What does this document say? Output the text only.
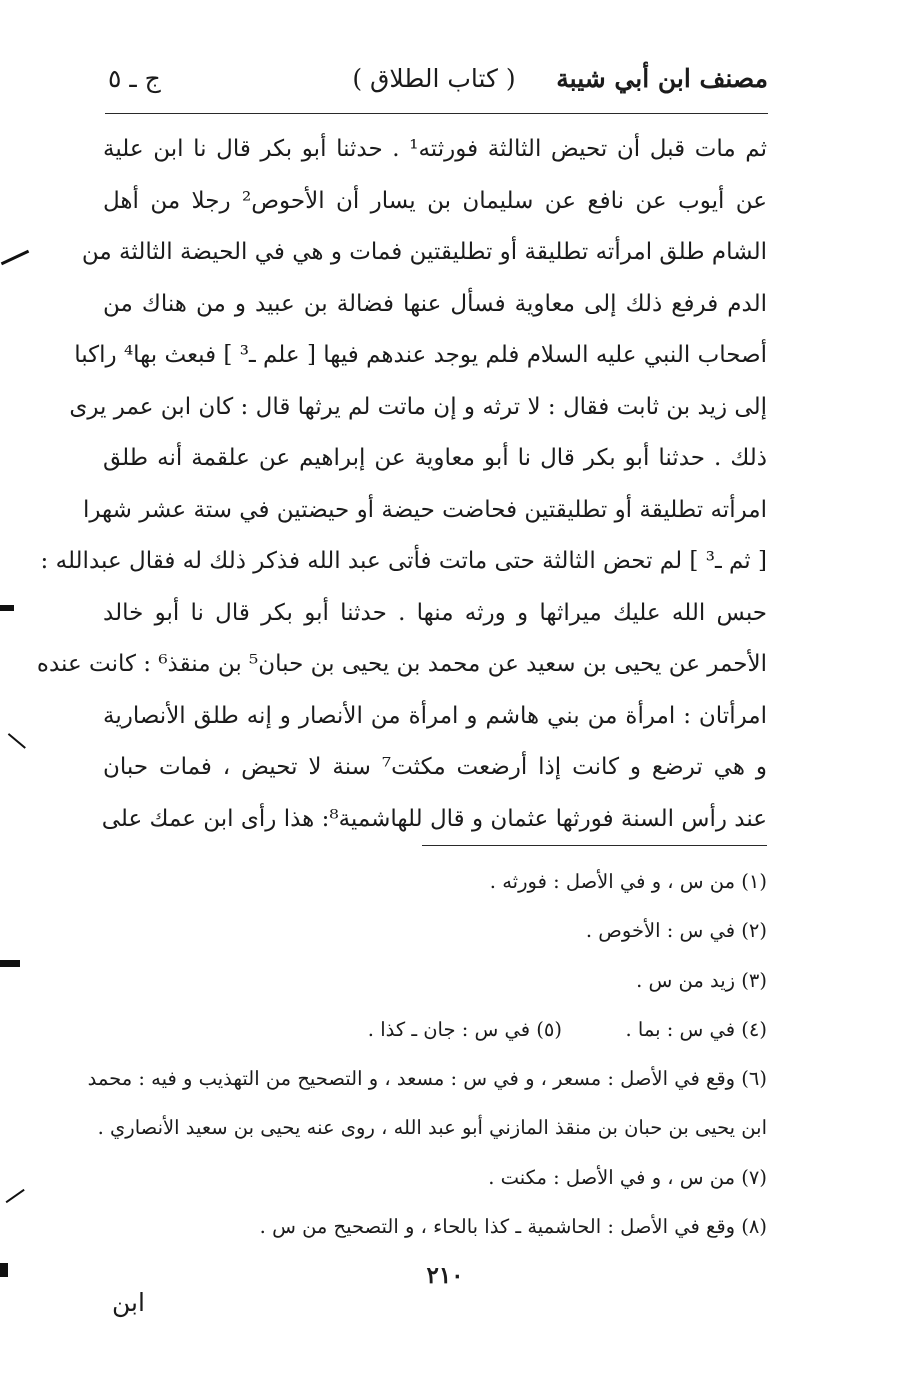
مصنف ابن أبي شيبة
( كتاب الطلاق )
ج ـ ٥
ثم مات قبل أن تحيض الثالثة فورثته¹ . حدثنا أبو بكر قال نا ابن علية
عن أيوب عن نافع عن سليمان بن يسار أن الأحوص² رجلا من أهل
الشام طلق امرأته تطليقة أو تطليقتين فمات و هي في الحيضة الثالثة من
الدم فرفع ذلك إلى معاوية فسأل عنها فضالة بن عبيد و من هناك من
أصحاب النبي عليه السلام فلم يوجد عندهم فيها [ علم ـ³ ] فبعث بها⁴ راكبا
إلى زيد بن ثابت فقال : لا ترثه و إن ماتت لم يرثها قال : كان ابن عمر يرى
ذلك . حدثنا أبو بكر قال نا أبو معاوية عن إبراهيم عن علقمة أنه طلق
امرأته تطليقة أو تطليقتين فحاضت حيضة أو حيضتين في ستة عشر شهرا
[ ثم ـ³ ] لم تحض الثالثة حتى ماتت فأتى عبد الله فذكر ذلك له فقال عبدالله :
حبس الله عليك ميراثها و ورثه منها . حدثنا أبو بكر قال نا أبو خالد
الأحمر عن يحيى بن سعيد عن محمد بن يحيى بن حبان⁵ بن منقذ⁶ : كانت عنده
امرأتان : امرأة من بني هاشم و امرأة من الأنصار و إنه طلق الأنصارية
و هي ترضع و كانت إذا أرضعت مكثت⁷ سنة لا تحيض ، فمات حبان
عند رأس السنة فورثها عثمان و قال للهاشمية⁸: هذا رأى ابن عمك على
(١) من س ، و في الأصل : فورثه .
(٢) في س : الأخوص .
(٣) زيد من س .
(٤) في س : بما .(٥) في س : جان ـ كذا .
(٦) وقع في الأصل : مسعر ، و في س : مسعد ، و التصحيح من التهذيب و فيه : محمد
ابن يحيى بن حبان بن منقذ المازني أبو عبد الله ، روى عنه يحيى بن سعيد الأنصاري .
(٧) من س ، و في الأصل : مكنت .
(٨) وقع في الأصل : الحاشمية ـ كذا بالحاء ، و التصحيح من س .
٢١٠
ابن
